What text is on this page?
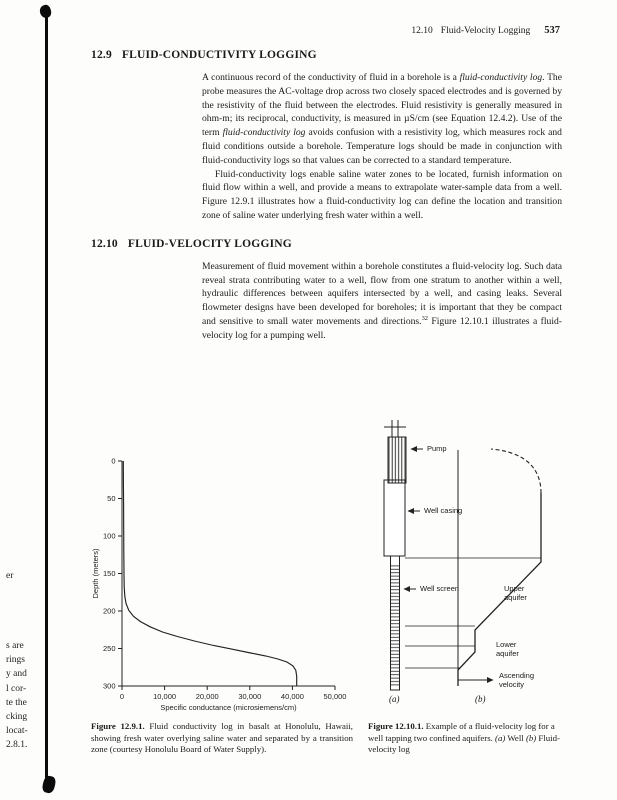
12.10 Fluid-Velocity Logging 537
er
s are
rings
y and
l cor-
te the
cking
locat-
2.8.1.
12.9 FLUID-CONDUCTIVITY LOGGING

A continuous record of the conductivity of fluid in a borehole is a fluid-conductivity log. The probe measures the AC-voltage drop across two closely spaced electrodes and is governed by the resistivity of the fluid between the electrodes. Fluid resistivity is generally measured in ohm-m; its reciprocal, conductivity, is measured in µS/cm (see Equation 12.4.2). Use of the term fluid-conductivity log avoids confusion with a resistivity log, which measures rock and fluid conditions outside a borehole. Temperature logs should be made in conjunction with fluid-conductivity logs so that values can be corrected to a standard temperature.

Fluid-conductivity logs enable saline water zones to be located, furnish information on fluid flow within a well, and provide a means to extrapolate water-sample data from a well. Figure 12.9.1 illustrates how a fluid-conductivity log can define the location and transition zone of saline water underlying fresh water within a well.

12.10 FLUID-VELOCITY LOGGING

Measurement of fluid movement within a borehole constitutes a fluid-velocity log. Such data reveal strata contributing water to a well, flow from one stratum to another within a well, hydraulic differences between aquifers intersected by a well, and casing leaks. Several flowmeter designs have been developed for boreholes; it is important that they be compact and sensitive to small water movements and directions.$^{32}$ Figure 12.10.1 illustrates a fluid-velocity log for a pumping well.

0
50
100
150
200
250
300
0	10,000	20,000	30,000	40,000	50,000
Specific conductance (microsiemens/cm)
Depth (meters)
Pump
Well casing
Well screen	Upper aquifer
Lower aquifer
Ascending velocity
(a)	(b)

Figure 12.9.1. Fluid conductivity log in basalt at Honolulu, Hawaii, showing fresh water overlying saline water and separated by a transition zone (courtesy Honolulu Board of Water Supply).

Figure 12.10.1. Example of a fluid-velocity log for a well tapping two confined aquifers. (a) Well (b) Fluid-velocity log
